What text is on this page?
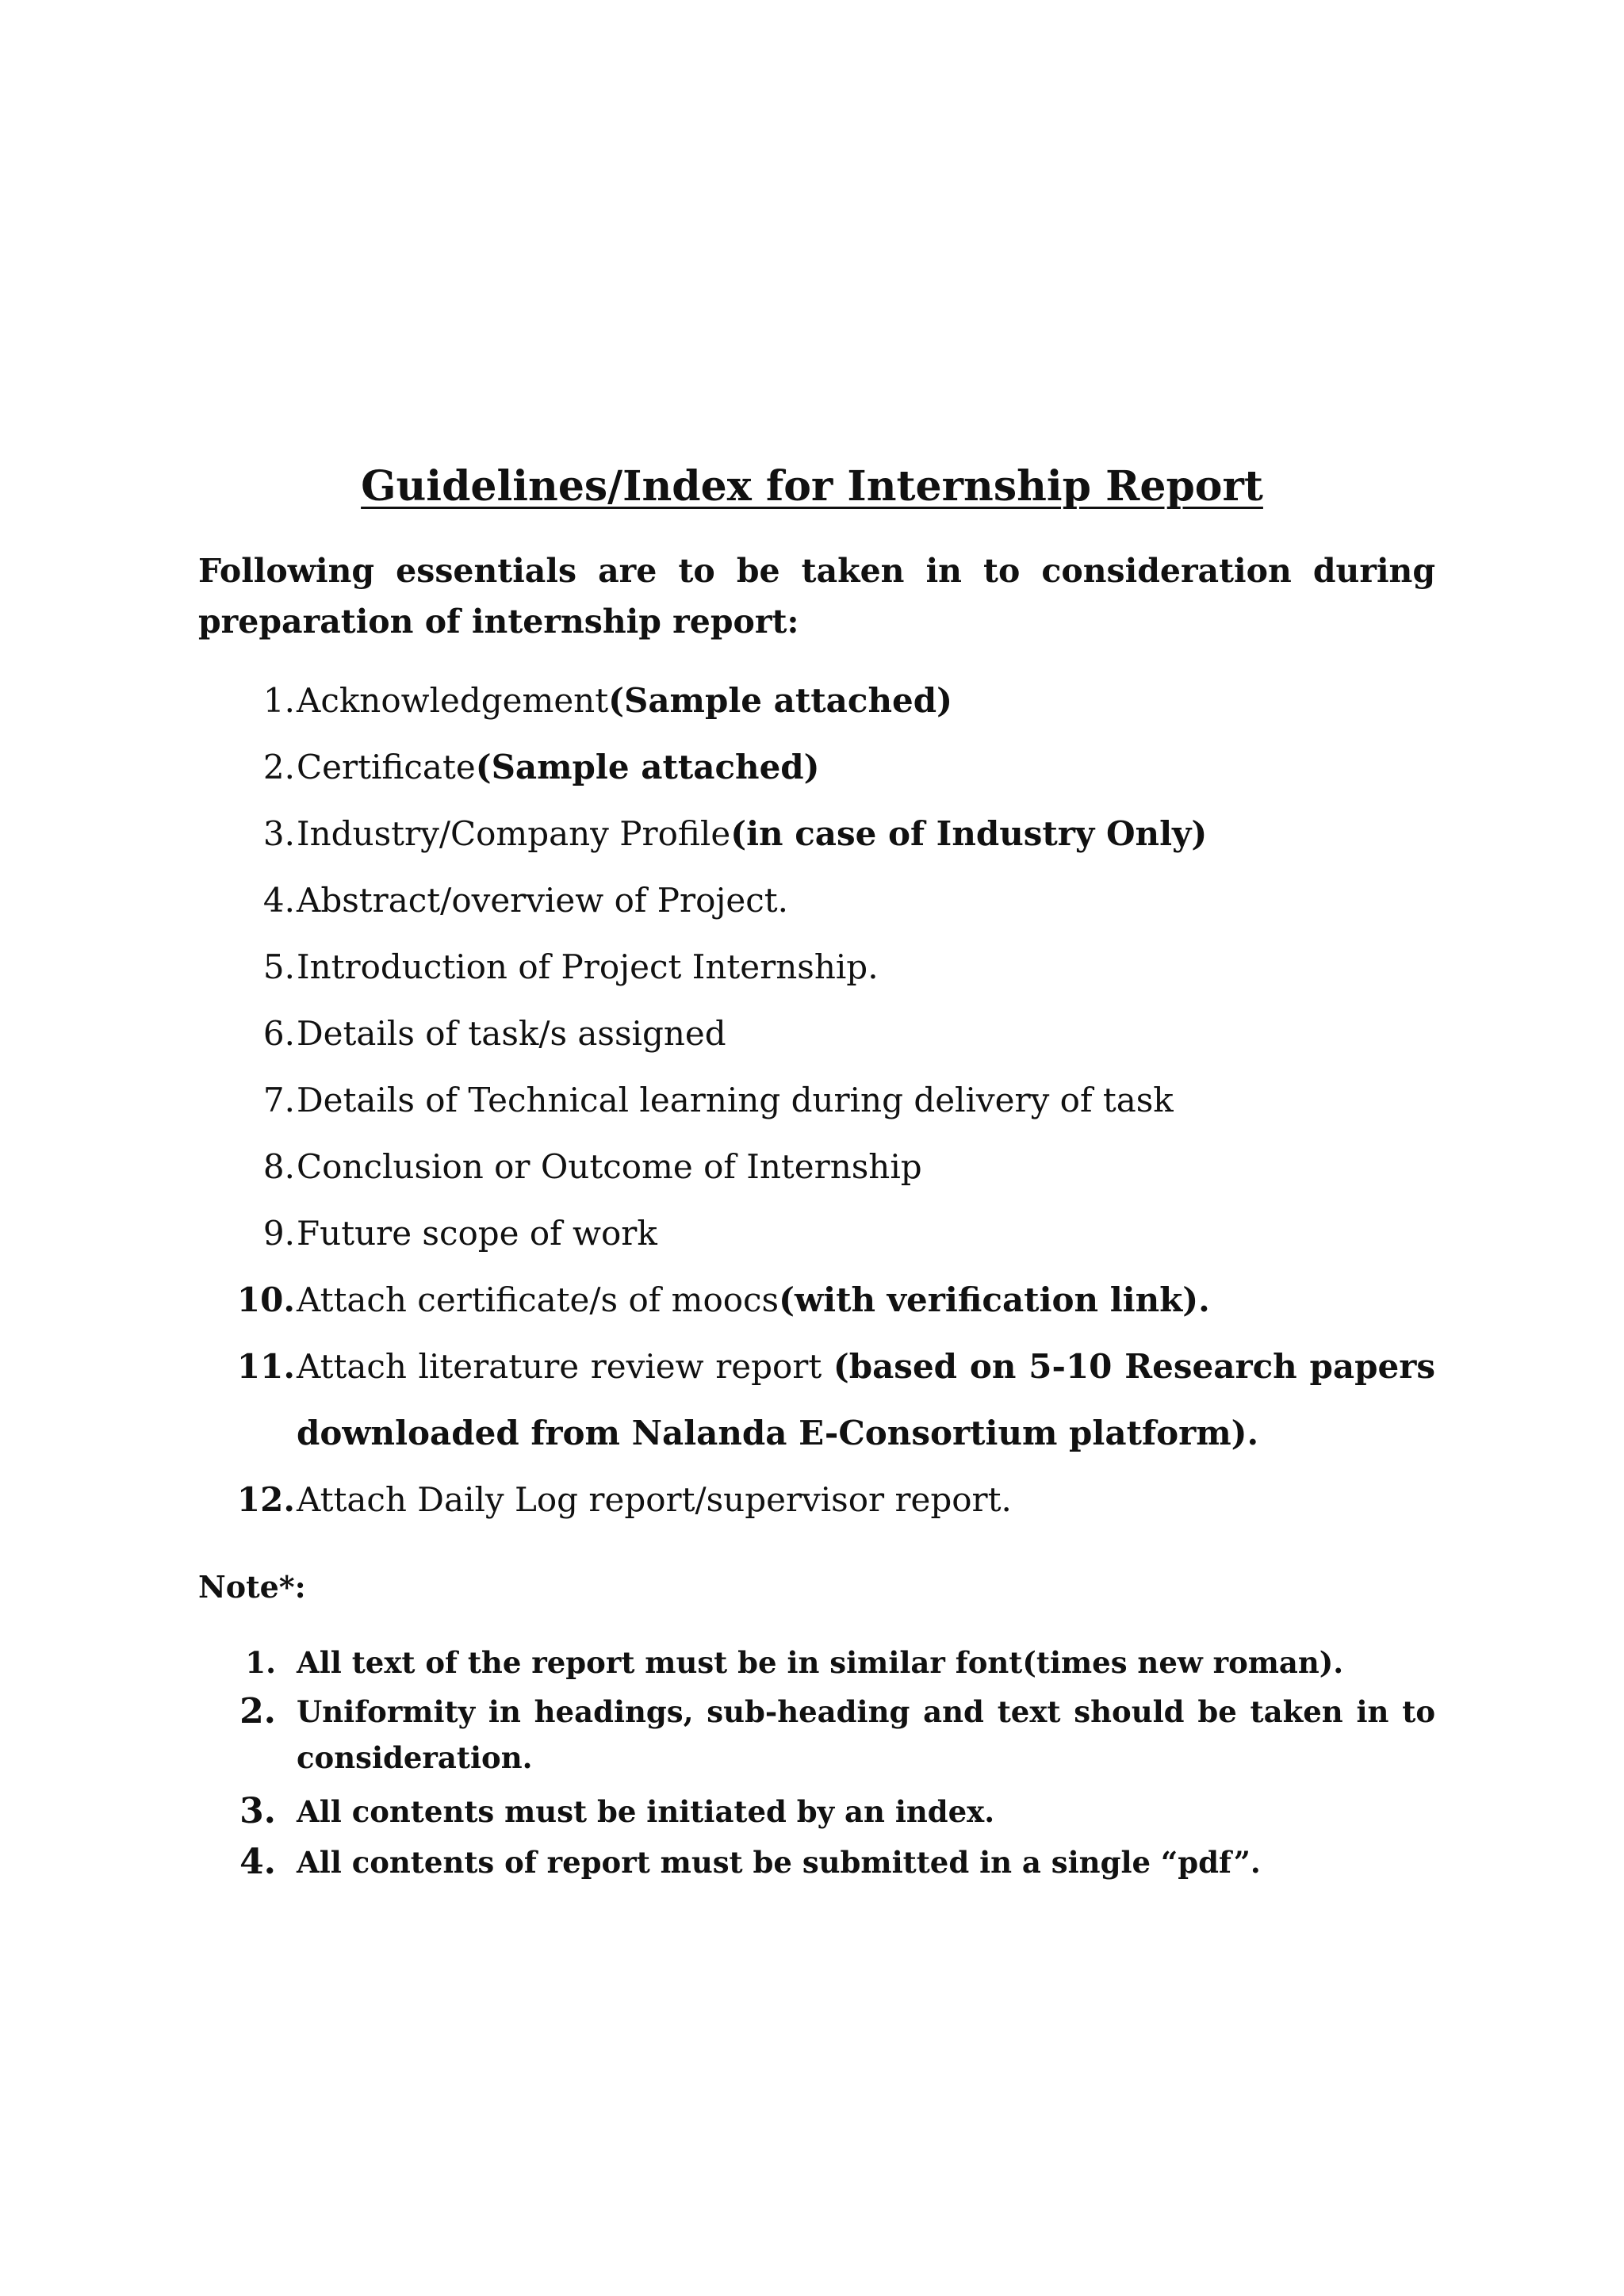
Guidelines/Index for Internship Report
Following essentials are to be taken in to consideration during preparation of internship report:
1. Acknowledgement(Sample attached)
2. Certificate(Sample attached)
3. Industry/Company Profile(in case of Industry Only)
4. Abstract/overview of Project.
5. Introduction of Project Internship.
6. Details of task/s assigned
7. Details of Technical learning during delivery of task
8. Conclusion or Outcome of Internship
9. Future scope of work
10. Attach certificate/s of moocs(with verification link).
11. Attach literature review report (based on 5-10 Research papers
downloaded from Nalanda E-Consortium platform).
12. Attach Daily Log report/supervisor report.
Note*:
1. All text of the report must be in similar font(times new roman).
2. Uniformity in headings, sub-heading and text should be taken in to
consideration.
3. All contents must be initiated by an index.
4. All contents of report must be submitted in a single “pdf”.
